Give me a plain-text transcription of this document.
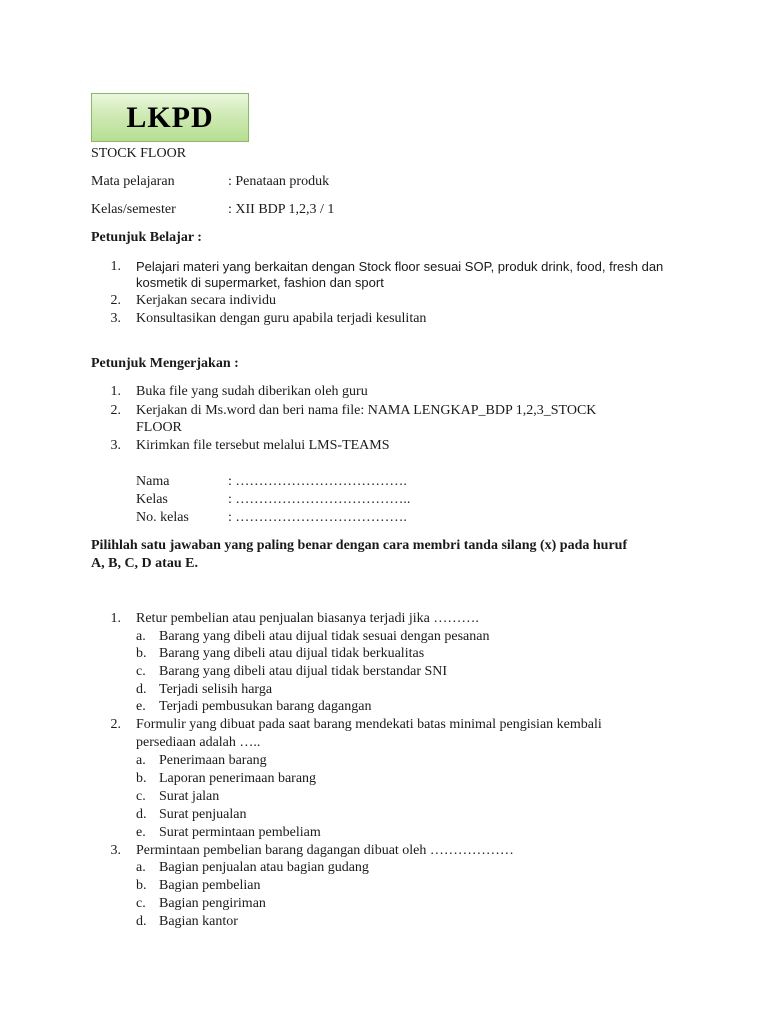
LKPD
STOCK FLOOR
Mata pelajaran	: Penataan produk
Kelas/semester	: XII BDP 1,2,3 / 1
Petunjuk Belajar :
1. Pelajari materi yang berkaitan dengan Stock floor sesuai SOP, produk drink, food, fresh dan
kosmetik di supermarket, fashion dan sport
2. Kerjakan secara individu
3. Konsultasikan dengan guru apabila terjadi kesulitan
Petunjuk Mengerjakan :
1. Buka file yang sudah diberikan oleh guru
2. Kerjakan di Ms.word dan beri nama file: NAMA LENGKAP_BDP 1,2,3_STOCK
FLOOR
3. Kirimkan file tersebut melalui LMS-TEAMS
Nama	: ……………………………….
Kelas	: ………………………………..
No. kelas	: ……………………………….
Pilihlah satu jawaban yang paling benar dengan cara membri tanda silang (x) pada huruf
A, B, C, D atau E.
1. Retur pembelian atau penjualan biasanya terjadi jika ……….
a. Barang yang dibeli atau dijual tidak sesuai dengan pesanan
b. Barang yang dibeli atau dijual tidak berkualitas
c. Barang yang dibeli atau dijual tidak berstandar SNI
d. Terjadi selisih harga
e. Terjadi pembusukan barang dagangan
2. Formulir yang dibuat pada saat barang mendekati batas minimal pengisian kembali
persediaan adalah …..
a. Penerimaan barang
b. Laporan penerimaan barang
c. Surat jalan
d. Surat penjualan
e. Surat permintaan pembeliam
3. Permintaan pembelian barang dagangan dibuat oleh ………………
a. Bagian penjualan atau bagian gudang
b. Bagian pembelian
c. Bagian pengiriman
d. Bagian kantor
